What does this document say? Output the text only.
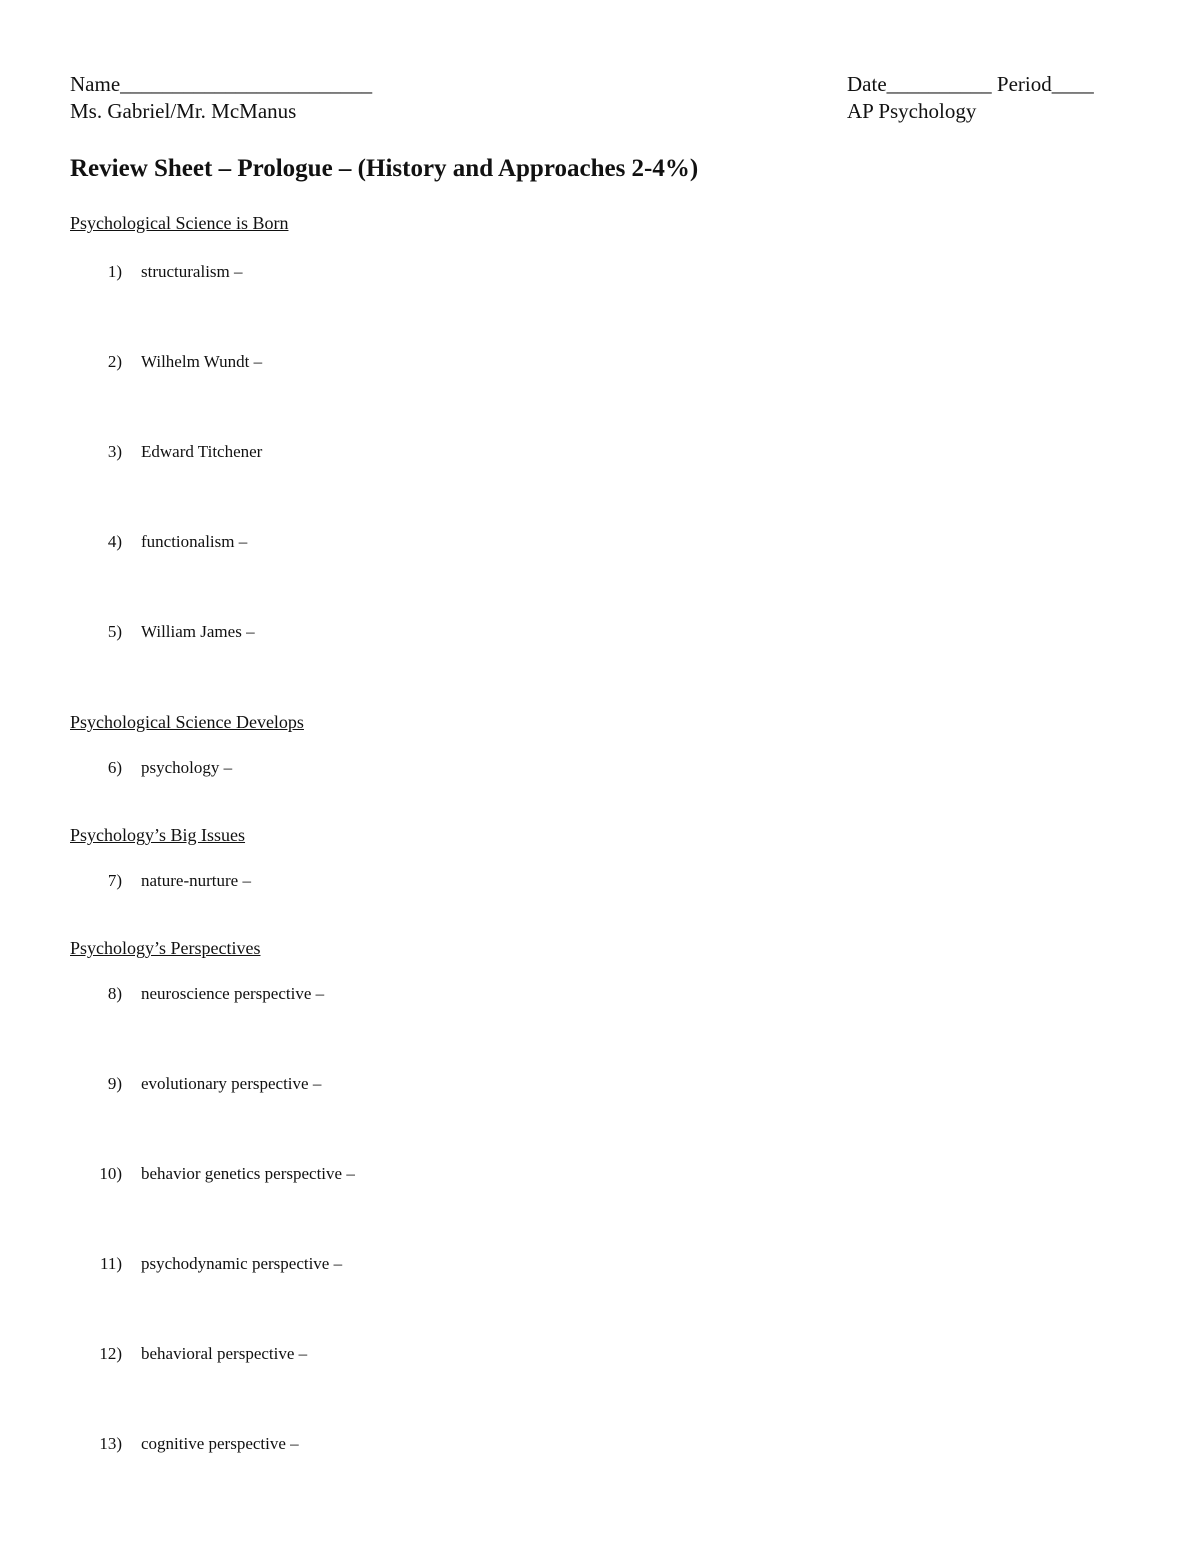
Name________________________
Ms. Gabriel/Mr. McManus
Date__________ Period____
AP Psychology
Review Sheet – Prologue – (History and Approaches 2-4%)
Psychological Science is Born
1) structuralism –
2) Wilhelm Wundt –
3) Edward Titchener
4) functionalism –
5) William James –
Psychological Science Develops
6) psychology –
Psychology’s Big Issues
7) nature-nurture –
Psychology’s Perspectives
8) neuroscience perspective –
9) evolutionary perspective –
10) behavior genetics perspective –
11) psychodynamic perspective –
12) behavioral perspective –
13) cognitive perspective –
